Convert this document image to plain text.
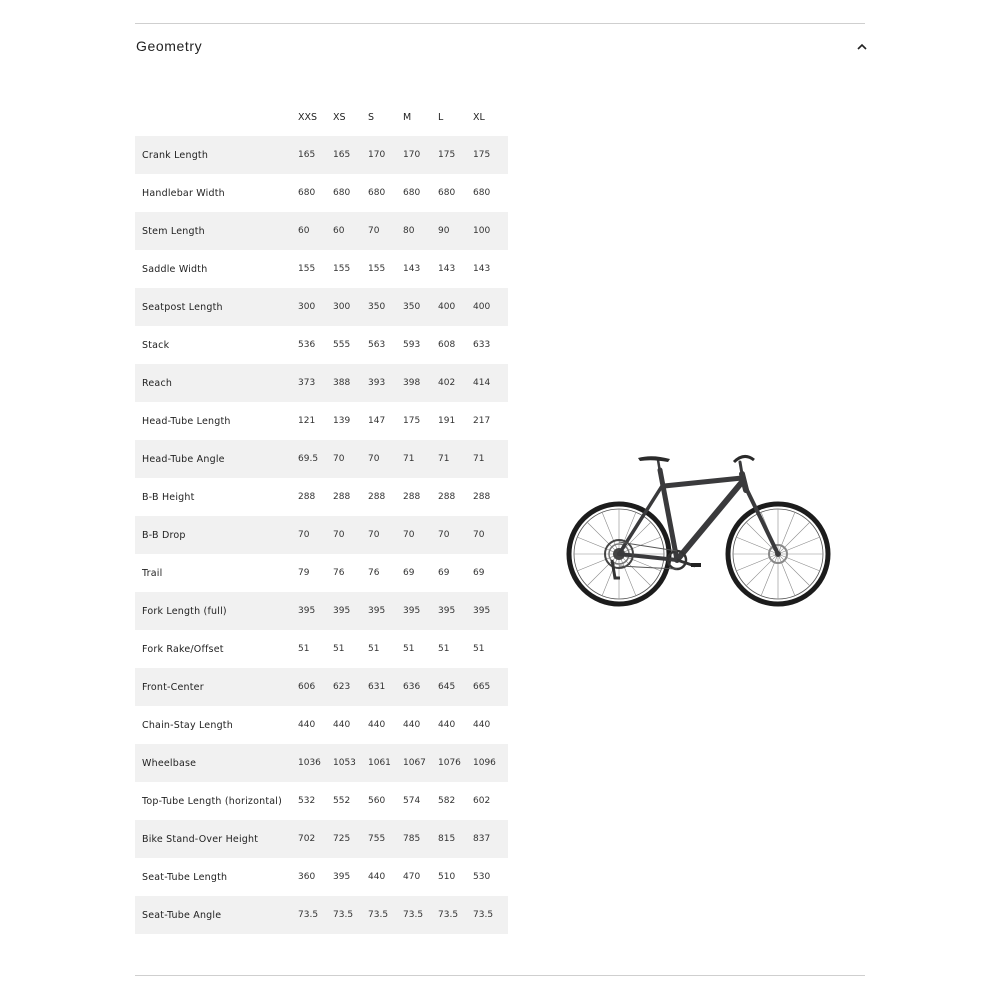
Geometry
	XXS	XS	S	M	L	XL
Crank Length	165	165	170	170	175	175
Handlebar Width	680	680	680	680	680	680
Stem Length	60	60	70	80	90	100
Saddle Width	155	155	155	143	143	143
Seatpost Length	300	300	350	350	400	400
Stack	536	555	563	593	608	633
Reach	373	388	393	398	402	414
Head-Tube Length	121	139	147	175	191	217
Head-Tube Angle	69.5	70	70	71	71	71
B-B Height	288	288	288	288	288	288
B-B Drop	70	70	70	70	70	70
Trail	79	76	76	69	69	69
Fork Length (full)	395	395	395	395	395	395
Fork Rake/Offset	51	51	51	51	51	51
Front-Center	606	623	631	636	645	665
Chain-Stay Length	440	440	440	440	440	440
Wheelbase	1036	1053	1061	1067	1076	1096
Top-Tube Length (horizontal)	532	552	560	574	582	602
Bike Stand-Over Height	702	725	755	785	815	837
Seat-Tube Length	360	395	440	470	510	530
Seat-Tube Angle	73.5	73.5	73.5	73.5	73.5	73.5
